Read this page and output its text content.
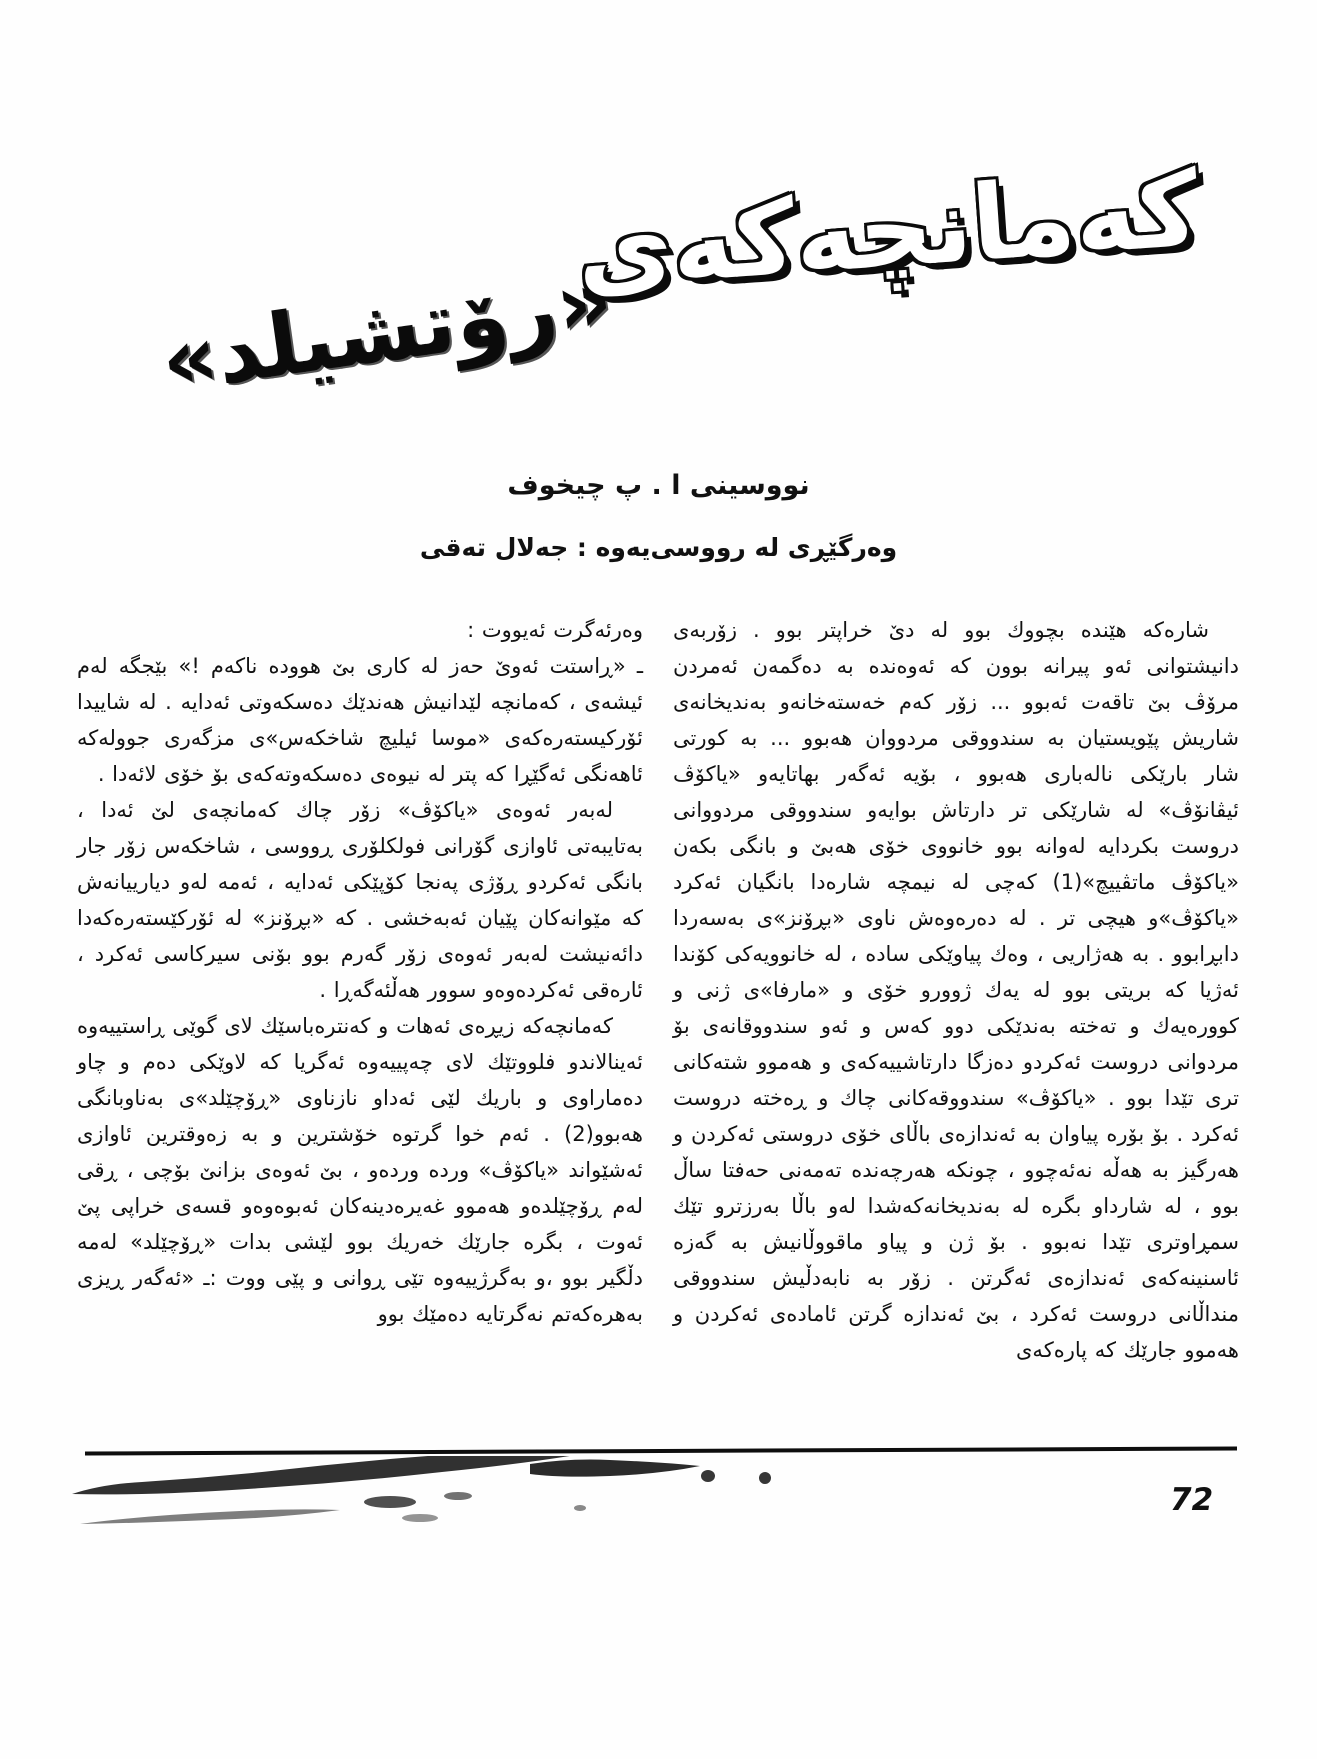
کەمانچەکەی
«رۆتشیلد»
نووسینی ا . پ چیخوف
وەرگێڕی لە رووسی‌یەوە : جەلال تەقی

شارەکە هێندە بچووك بوو لە دێ خراپتر بوو . زۆربەی دانیشتوانی ئەو پیرانە بوون کە ئەوەندە بە دەگمەن ئەمردن مرۆڤ بێ تاقەت ئەبوو ... زۆر کەم خەستەخانەو بەندیخانەی شاریش پێویستیان بە سندووقی مردووان هەبوو ... بە کورتی شار بارێکی نالەباری هەبوو ، بۆیە ئەگەر بهاتایەو «یاکۆڤ ئیڤانۆڤ» لە شارێکی تر دارتاش بوایەو سندووقی مردووانی دروست بکردایە لەوانە بوو خانووی خۆی هەبێ و بانگی بکەن «یاکۆڤ ماتڤییچ»(1) کەچی لە نیمچە شارەدا بانگیان ئەکرد «یاکۆڤ»و هیچی تر . لە دەرەوەش ناوی «بڕۆنز»ی بەسەردا دابڕابوو . بە هەژاریی ، وەك پیاوێکی سادە ، لە خانوویەکی کۆندا ئەژیا کە بریتی بوو لە یەك ژوورو خۆی و «مارفا»ی ژنی و کوورەیەك و تەختە بەندێکی دوو کەس و ئەو سندووقانەی بۆ مردوانی دروست ئەکردو دەزگا دارتاشییەکەی و هەموو شتەکانی تری تێدا بوو . «یاکۆڤ» سندووقەکانی چاك و ڕەختە دروست ئەکرد . بۆ بۆرە پیاوان بە ئەندازەی باڵای خۆی دروستی ئەکردن و هەرگیز بە هەڵە نەئەچوو ، چونکە هەرچەندە تەمەنی حەفتا ساڵ بوو ، لە شارداو بگرە لە بەندیخانەکەشدا لەو باڵا بەرزترو تێك سمڕاوتری تێدا نەبوو . بۆ ژن و پیاو ماقووڵانیش بە گەزە ئاسنینەکەی ئەندازەی ئەگرتن . زۆر بە نابەدڵیش سندووقی منداڵانی دروست ئەکرد ، بێ ئەندازە گرتن ئامادەی ئەکردن و هەموو جارێك کە پارەکەی

وەرئەگرت ئەیووت :

ـ «ڕاستت ئەوێ حەز لە کاری بێ هوودە ناکەم !» بێجگە لەم ئیشەی ، کەمانچە لێدانیش هەندێك دەسکەوتی ئەدایە . لە شاییدا ئۆرکیستەرەکەی «موسا ئیلیچ شاخکەس»ی مزگەری جوولەکە ئاهەنگی ئەگێڕا کە پتر لە نیوەی دەسکەوتەکەی بۆ خۆی لائەدا .

لەبەر ئەوەی «یاکۆڤ» زۆر چاك کەمانچەی لێ ئەدا ، بەتایبەتی ئاوازی گۆرانی فولکلۆری ڕووسی ، شاخکەس زۆر جار بانگی ئەکردو ڕۆژی پەنجا کۆپێکی ئەدایە ، ئەمە لەو دیارییانەش کە مێوانەکان پێیان ئەبەخشی . کە «بڕۆنز» لە ئۆرکێستەرەکەدا دائەنیشت لەبەر ئەوەی زۆر گەرم بوو بۆنی سیرکاسی ئەکرد ، ئارەقی ئەکردەوەو سوور هەڵئەگەڕا .

کەمانچەکە زیڕەی ئەهات و کەنترەباسێك لای گوێی ڕاستییەوە ئەینالاندو فلووتێك لای چەپییەوە ئەگریا کە لاوێکی دەم و چاو دەماراوی و باریك لێی ئەداو نازناوی «ڕۆچێلد»ی بەناوبانگی هەبوو(2) . ئەم خوا گرتوە خۆشترین و بە زەوقترین ئاوازی ئەشێواند «یاکۆڤ» وردە وردەو ، بێ ئەوەی بزانێ بۆچی ، ڕقی لەم ڕۆچێلدەو هەموو غەیرەدینەکان ئەبوەوەو قسەی خراپی پێ ئەوت ، بگرە جارێك خەریك بوو لێشی بدات «ڕۆچێلد» لەمە دڵگیر بوو ،و بەگرژییەوە تێی ڕوانی و پێی ووت :ـ «ئەگەر ڕیزی بەهرەکەتم نەگرتایە دەمێك بوو

72
